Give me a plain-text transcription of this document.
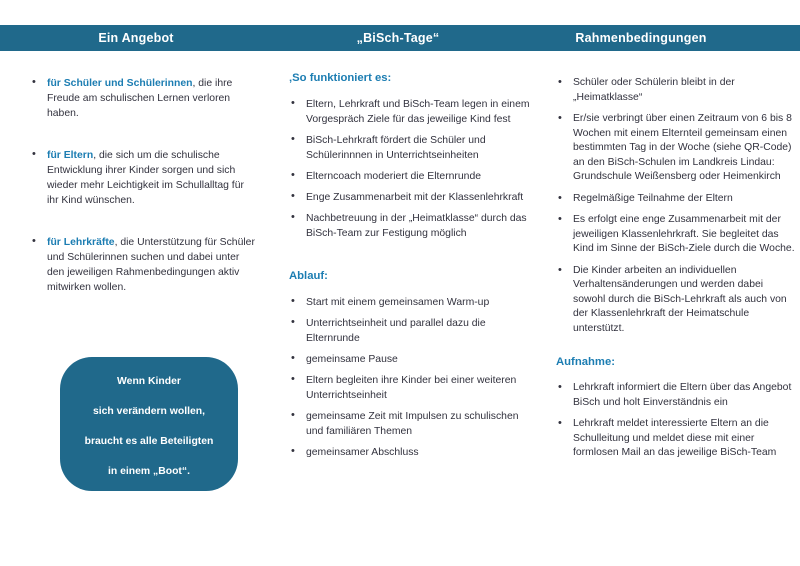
Ein Angebot	„BiSch-Tage“	Rahmenbedingungen
• für Schüler und Schülerinnen, die ihre Freude am schulischen Lernen verloren haben.
• für Eltern, die sich um die schulische Entwicklung ihrer Kinder sorgen und sich wieder mehr Leichtigkeit im Schullalltag für ihr Kind wünschen.
• für Lehrkräfte, die Unterstützung für Schüler und Schülerinnen suchen und dabei unter den jeweiligen Rahmenbedingungen aktiv mitwirken wollen.

Wenn Kinder

sich verändern wollen,

braucht es alle Beteiligten

in einem „Boot“.

‚So funktioniert es:

• Eltern, Lehrkraft und BiSch-Team legen in einem Vorgespräch Ziele für das jeweilige Kind fest
• BiSch-Lehrkraft fördert die Schüler und Schülerinnnen in Unterrichtseinheiten
• Elterncoach moderiert die Elternrunde
• Enge Zusammenarbeit mit der Klassenlehrkraft
• Nachbetreuung in der „Heimatklasse“ durch das BiSch-Team zur Festigung möglich

Ablauf:

• Start mit einem gemeinsamen Warm-up
• Unterrichtseinheit und parallel dazu die Elternrunde
• gemeinsame Pause
• Eltern begleiten ihre Kinder bei einer weiteren Unterrichtseinheit
• gemeinsame Zeit mit Impulsen zu schulischen und familiären Themen
• gemeinsamer Abschluss
• Schüler oder Schülerin bleibt in der „Heimatklasse“
• Er/sie verbringt über einen Zeitraum von 6 bis 8 Wochen mit einem Elternteil gemeinsam einen bestimmten Tag in der Woche (siehe QR-Code) an den BiSch-Schulen im Landkreis Lindau: Grundschule Weißensberg oder Heimenkirch
• Regelmäßige Teilnahme der Eltern
• Es erfolgt eine enge Zusammenarbeit mit der jeweiligen Klassenlehrkraft. Sie begleitet das Kind im Sinne der BiSch-Ziele durch die Woche.
• Die Kinder arbeiten an individuellen Verhaltensänderungen und werden dabei sowohl durch die BiSch-Lehrkraft als auch von der Klassenlehrkraft der Heimatschule unterstützt.

Aufnahme:

• Lehrkraft informiert die Eltern über das Angebot BiSch und holt Einverständnis ein
• Lehrkraft meldet interessierte Eltern an die Schulleitung und meldet diese mit einer formlosen Mail an das jeweilige BiSch-Team
